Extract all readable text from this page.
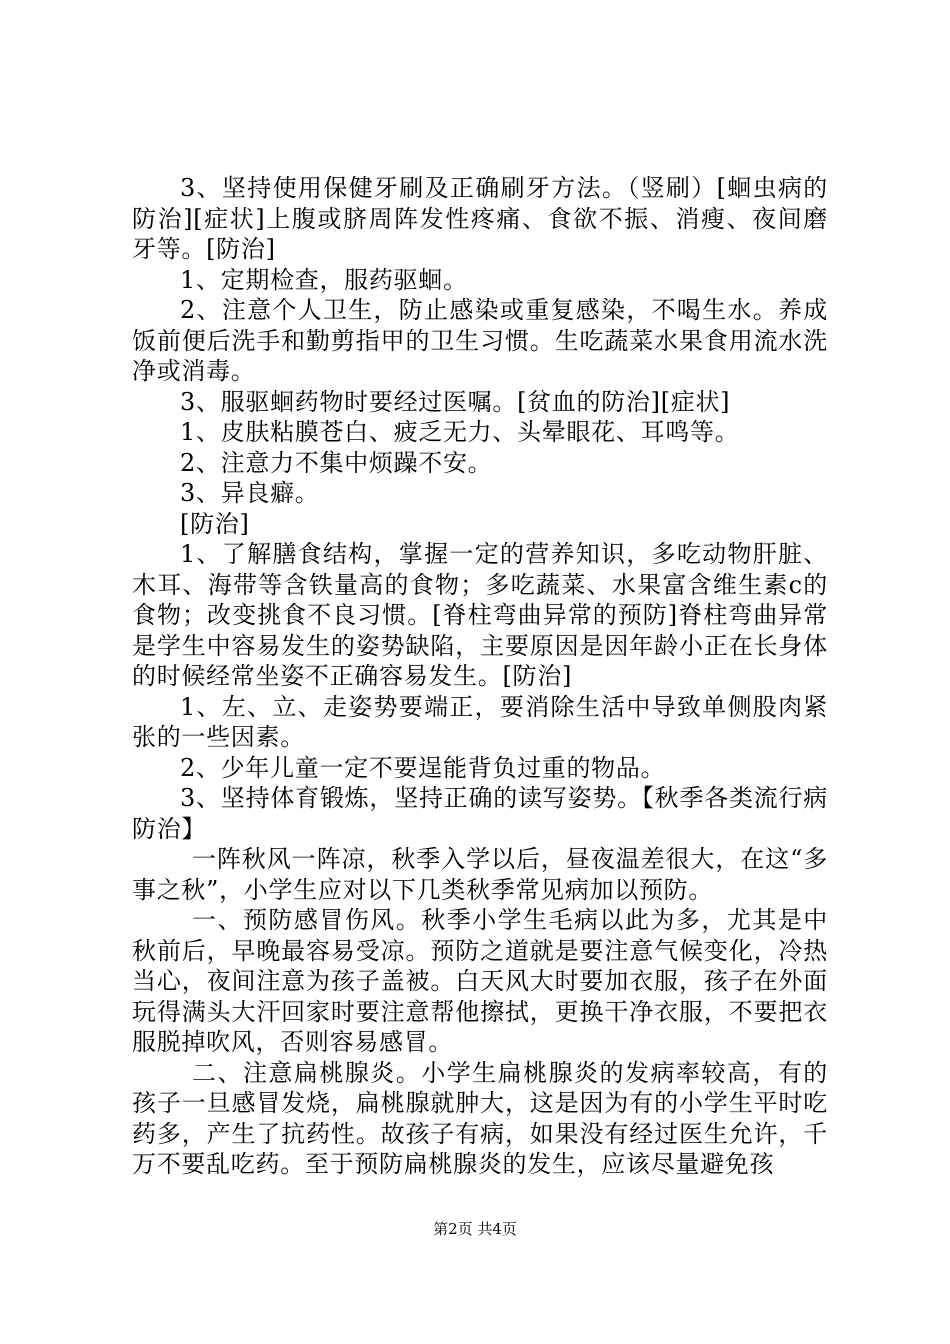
3、坚持使用保健牙刷及正确刷牙方法。（竖刷）[蛔虫病的防治][症状]上腹或脐周阵发性疼痛、食欲不振、消瘦、夜间磨牙等。[防治]

1、定期检查，服药驱蛔。

2、注意个人卫生，防止感染或重复感染，不喝生水。养成饭前便后洗手和勤剪指甲的卫生习惯。生吃蔬菜水果食用流水洗净或消毒。

3、服驱蛔药物时要经过医嘱。[贫血的防治][症状]

1、皮肤粘膜苍白、疲乏无力、头晕眼花、耳鸣等。

2、注意力不集中烦躁不安。

3、异良癖。

[防治]

1、了解膳食结构，掌握一定的营养知识，多吃动物肝脏、木耳、海带等含铁量高的食物；多吃蔬菜、水果富含维生素c的食物；改变挑食不良习惯。[脊柱弯曲异常的预防]脊柱弯曲异常是学生中容易发生的姿势缺陷，主要原因是因年龄小正在长身体的时候经常坐姿不正确容易发生。[防治]

1、左、立、走姿势要端正，要消除生活中导致单侧股肉紧张的一些因素。

2、少年儿童一定不要逞能背负过重的物品。

3、坚持体育锻炼，坚持正确的读写姿势。【秋季各类流行病防治】

一阵秋风一阵凉，秋季入学以后，昼夜温差很大，在这“多事之秋”，小学生应对以下几类秋季常见病加以预防。

一、预防感冒伤风。秋季小学生毛病以此为多，尤其是中秋前后，早晚最容易受凉。预防之道就是要注意气候变化，冷热当心，夜间注意为孩子盖被。白天风大时要加衣服，孩子在外面玩得满头大汗回家时要注意帮他擦拭，更换干净衣服，不要把衣服脱掉吹风，否则容易感冒。

二、注意扁桃腺炎。小学生扁桃腺炎的发病率较高，有的孩子一旦感冒发烧，扁桃腺就肿大，这是因为有的小学生平时吃药多，产生了抗药性。故孩子有病，如果没有经过医生允许，千万不要乱吃药。至于预防扁桃腺炎的发生，应该尽量避免孩

第2页 共4页
